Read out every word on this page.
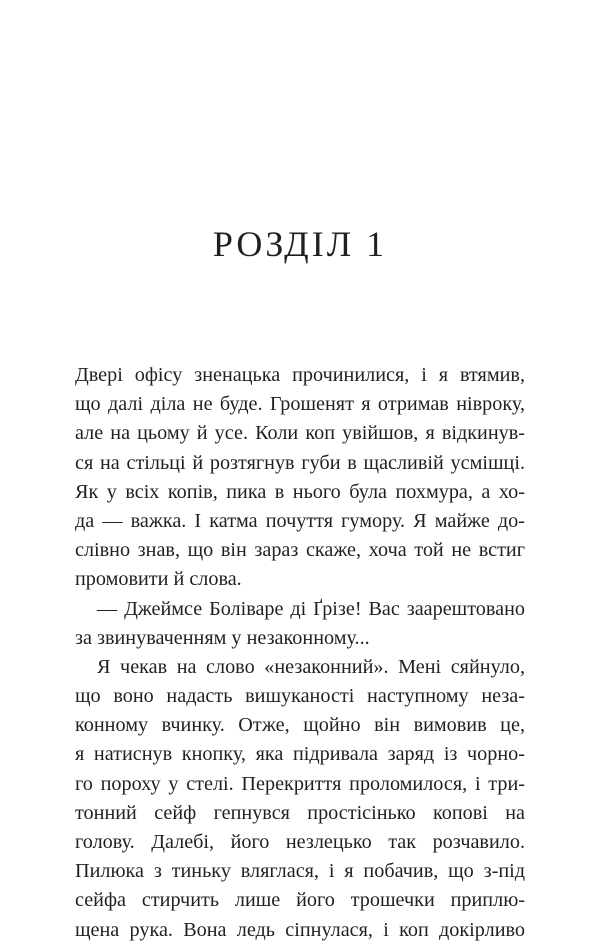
РОЗДІЛ 1
Двері офісу зненацька прочинилися, і я втямив,
що далі діла не буде. Грошенят я отримав нівроку,
але на цьому й усе. Коли коп увійшов, я відкинув-
ся на стільці й розтягнув губи в щасливій усмішці.
Як у всіх копів, пика в нього була похмура, а хо-
да — важка. І катма почуття гумору. Я майже до-
слівно знав, що він зараз скаже, хоча той не встиг
промовити й слова.
— Джеймсе Боліваре ді Ґрізе! Вас заарештовано
за звинуваченням у незаконному...
Я чекав на слово «незаконний». Мені сяйнуло,
що воно надасть вишуканості наступному неза-
конному вчинку. Отже, щойно він вимовив це,
я натиснув кнопку, яка підривала заряд із чорно-
го пороху у стелі. Перекриття проломилося, і три-
тонний сейф гепнувся простісінько копові на
голову. Далебі, його незлецько так розчавило.
Пилюка з тиньку вляглася, і я побачив, що з-під
сейфа стирчить лише його трошечки приплю-
щена рука. Вона ледь сіпнулася, і коп докірливо
